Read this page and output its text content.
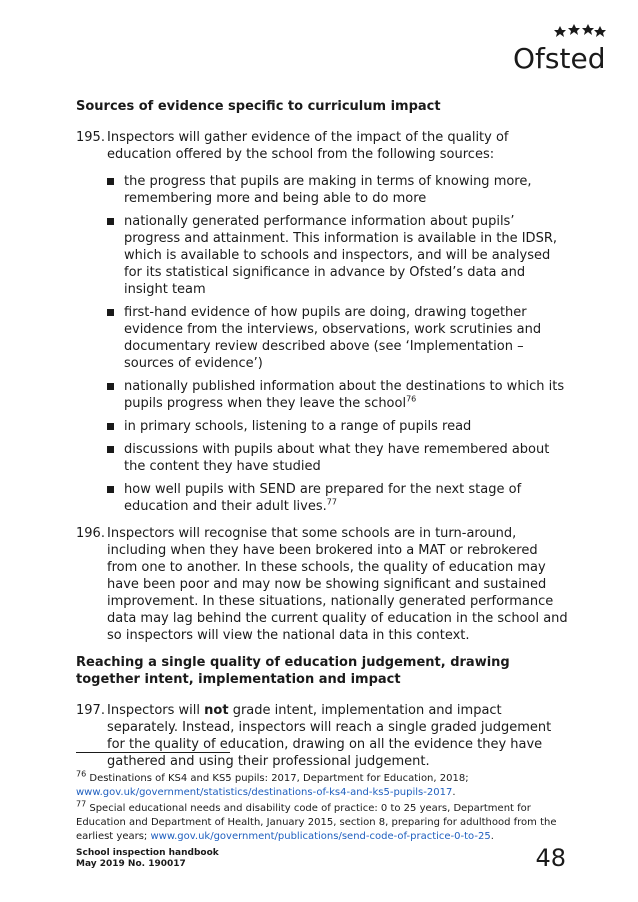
Ofsted
Sources of evidence specific to curriculum impact
195. Inspectors will gather evidence of the impact of the quality of education offered by the school from the following sources:
the progress that pupils are making in terms of knowing more, remembering more and being able to do more
nationally generated performance information about pupils’ progress and attainment. This information is available in the IDSR, which is available to schools and inspectors, and will be analysed for its statistical significance in advance by Ofsted’s data and insight team
first-hand evidence of how pupils are doing, drawing together evidence from the interviews, observations, work scrutinies and documentary review described above (see ‘Implementation – sources of evidence’)
nationally published information about the destinations to which its pupils progress when they leave the school$^{76}$
in primary schools, listening to a range of pupils read
discussions with pupils about what they have remembered about the content they have studied
how well pupils with SEND are prepared for the next stage of education and their adult lives.$^{77}$
196. Inspectors will recognise that some schools are in turn-around, including when they have been brokered into a MAT or rebrokered from one to another. In these schools, the quality of education may have been poor and may now be showing significant and sustained improvement. In these situations, nationally generated performance data may lag behind the current quality of education in the school and so inspectors will view the national data in this context.
Reaching a single quality of education judgement, drawing together intent, implementation and impact
197. Inspectors will not grade intent, implementation and impact separately. Instead, inspectors will reach a single graded judgement for the quality of education, drawing on all the evidence they have gathered and using their professional judgement.

$^{76}$ Destinations of KS4 and KS5 pupils: 2017, Department for Education, 2018; www.gov.uk/government/statistics/destinations-of-ks4-and-ks5-pupils-2017.

$^{77}$ Special educational needs and disability code of practice: 0 to 25 years, Department for Education and Department of Health, January 2015, section 8, preparing for adulthood from the earliest years; www.gov.uk/government/publications/send-code-of-practice-0-to-25.

School inspection handbook
May 2019 No. 190017	48
